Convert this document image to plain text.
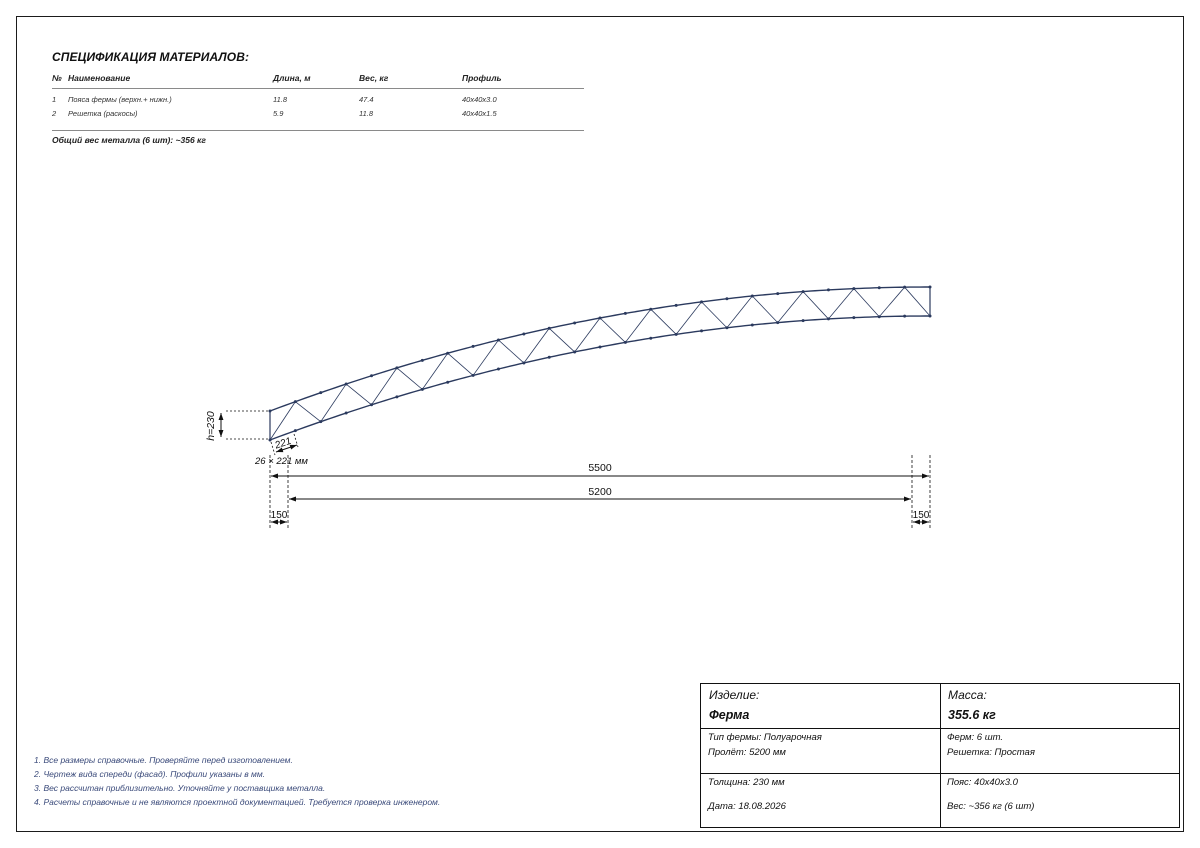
СПЕЦИФИКАЦИЯ МАТЕРИАЛОВ:
№	Наименование	Длина, м	Вес, кг	Профиль
1	Пояса фермы (верхн.+ нижн.)	11.8	47.4	40x40x3.0
2	Решетка (раскосы)	5.9	11.8	40x40x1.5
Общий вес металла (6 шт): ~356 кг
h=230
221
26 × 221 мм
5500
5200
150	150
1. Все размеры справочные. Проверяйте перед изготовлением.
2. Чертеж вида спереди (фасад). Профили указаны в мм.
3. Вес рассчитан приблизительно. Уточняйте у поставщика металла.
4. Расчеты справочные и не являются проектной документацией. Требуется проверка инженером.
Изделие:
Ферма
Масса:
355.6 кг
Тип фермы: Полуарочная
Пролёт: 5200 мм
Ферм: 6 шт.
Решетка: Простая
Толщина: 230 мм
Дата: 18.08.2026
Пояс: 40x40x3.0
Вес: ~356 кг (6 шт)
